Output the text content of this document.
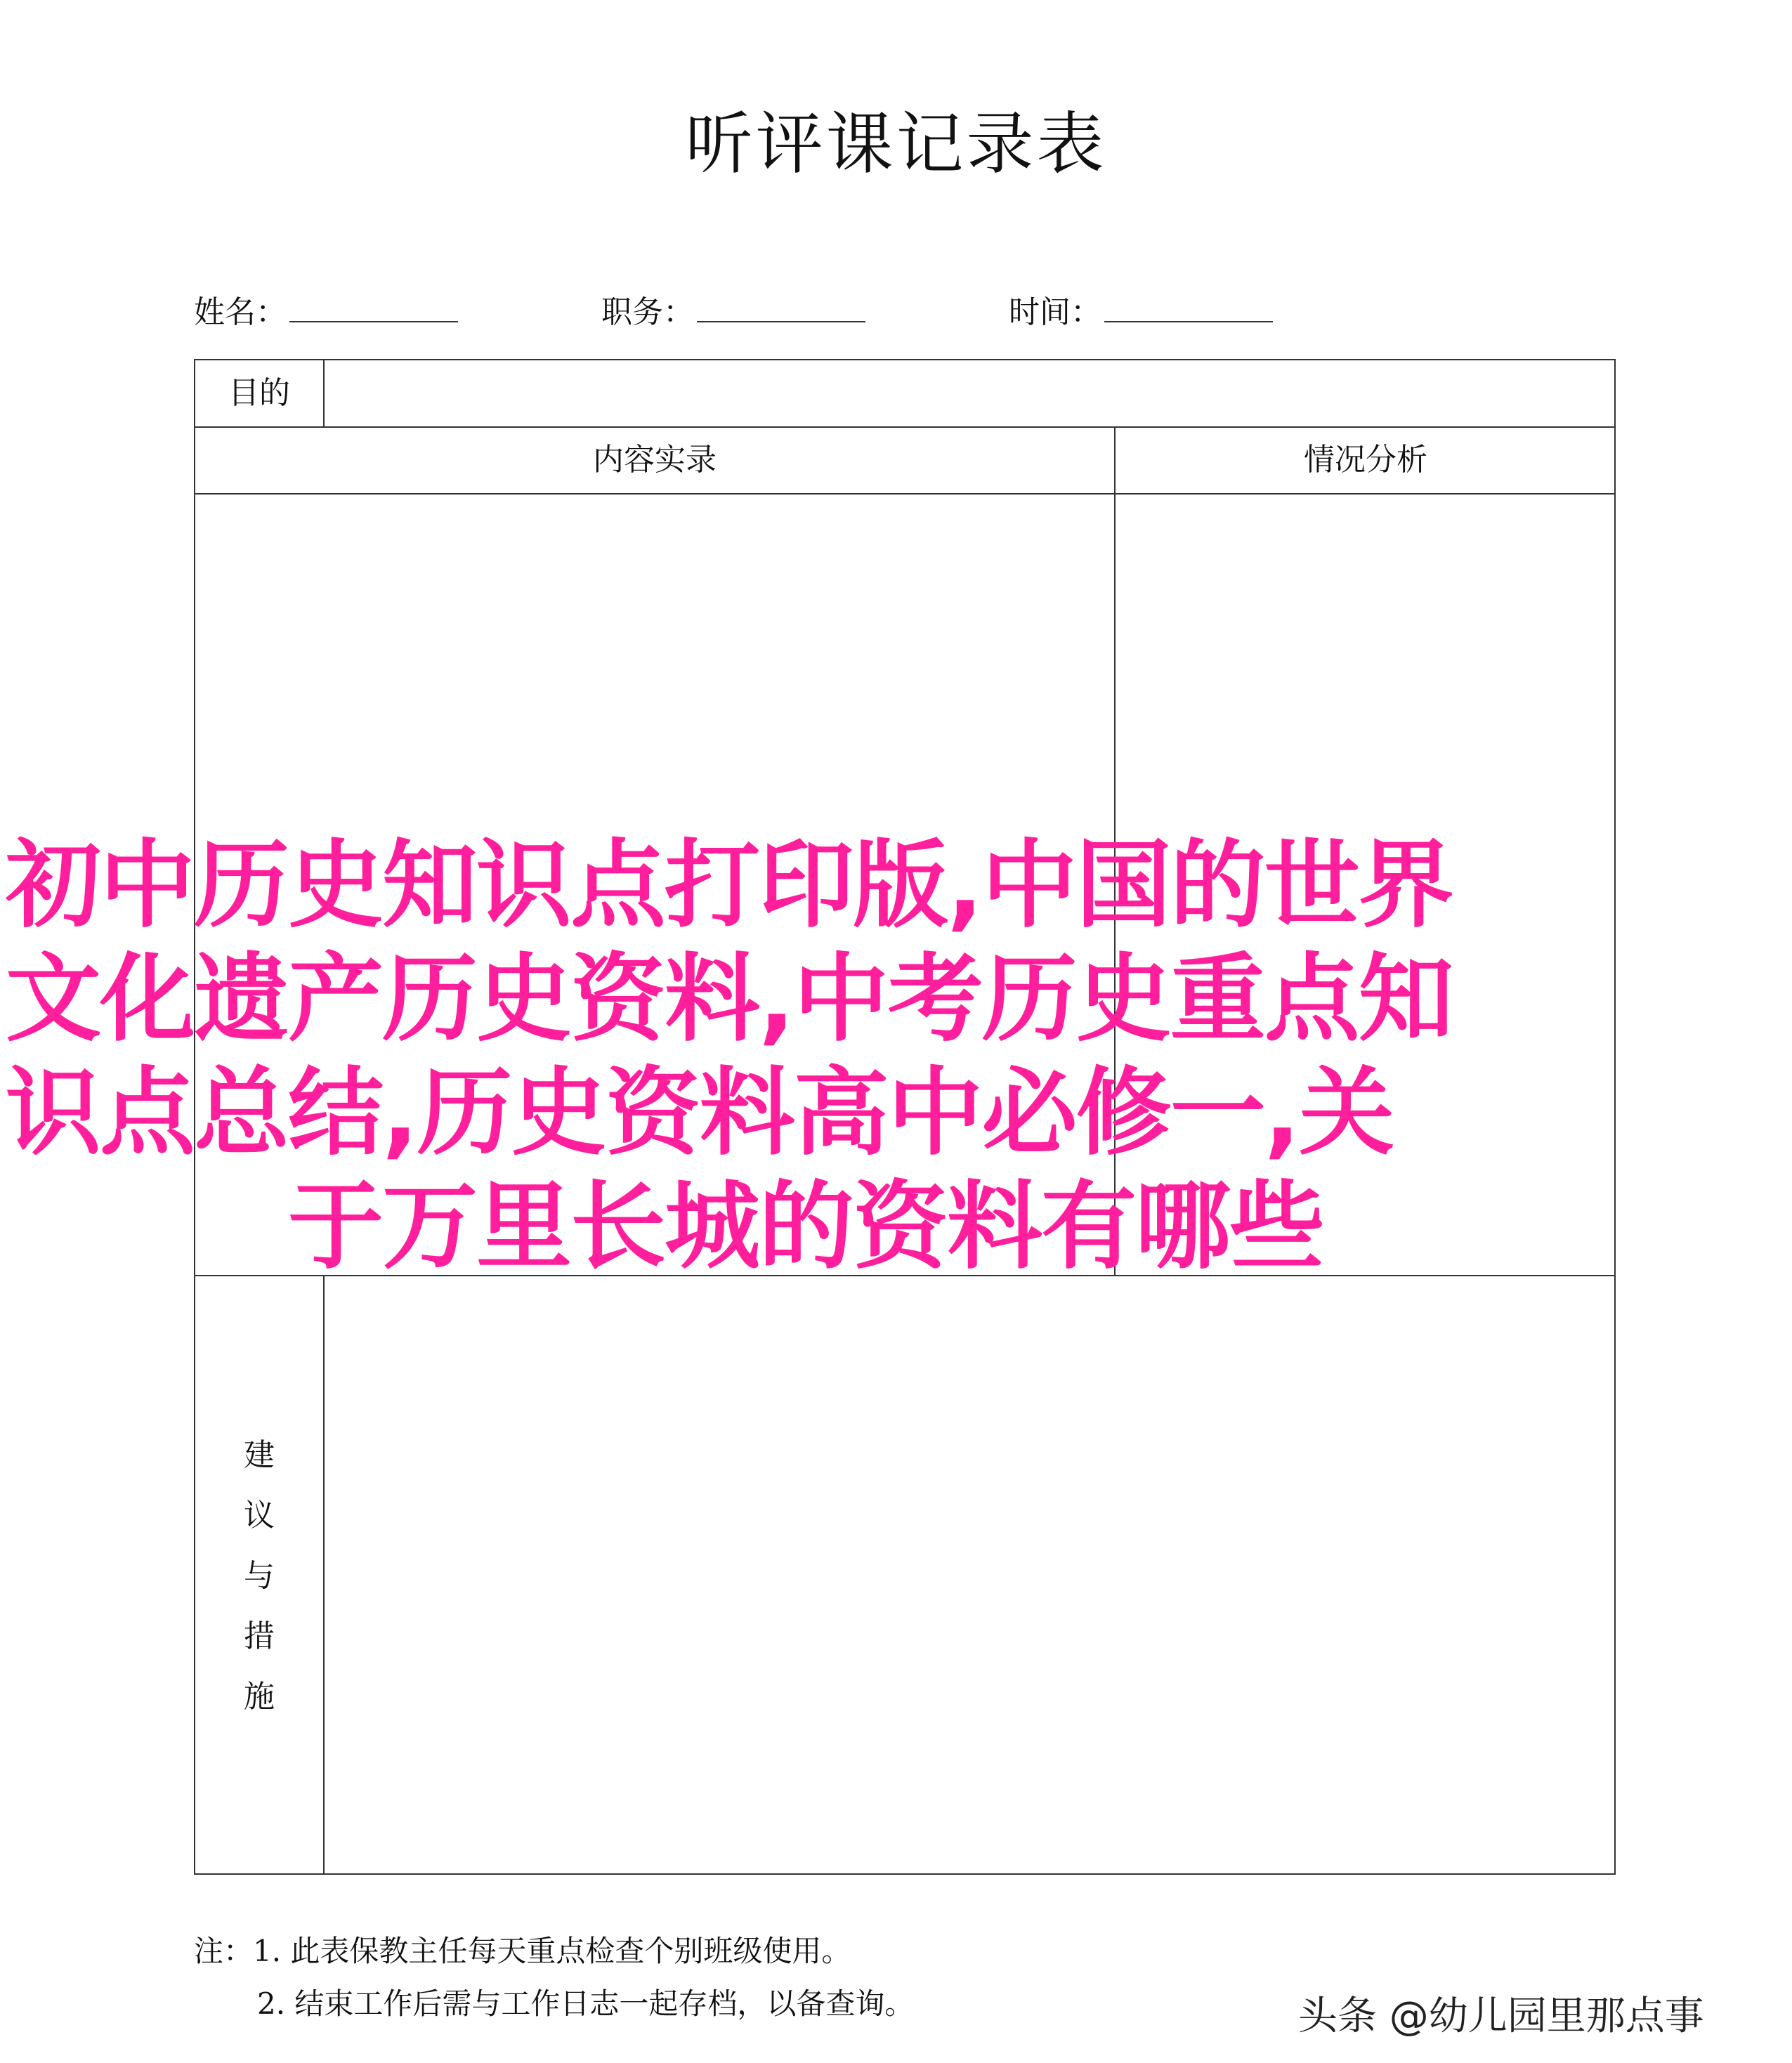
听评课记录表
姓名：	职务：	时间：
目的
内容实录	情况分析
建
议
与
措
施
注：1. 此表保教主任每天重点检查个别班级使用。
2. 结束工作后需与工作日志一起存档，以备查询。
初中历史知识点打印版,中国的世界
文化遗产历史资料,中考历史重点知
识点总结,历史资料高中必修一,关
于万里长城的资料有哪些
头条 @幼儿园里那点事
